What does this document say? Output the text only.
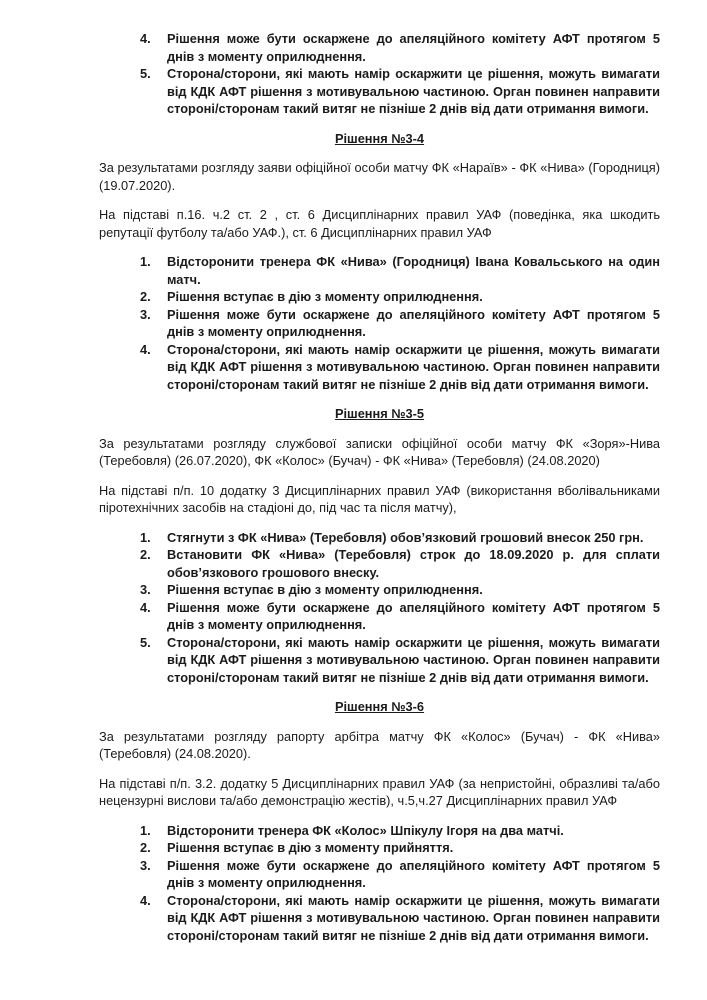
4.	Рішення може бути оскаржене до апеляційного комітету АФТ протягом 5 днів з моменту оприлюднення.
5.	Сторона/сторони, які мають намір оскаржити це рішення, можуть вимагати від КДК АФТ рішення з мотивувальною частиною. Орган повинен направити стороні/сторонам такий витяг не пізніше 2 днів від дати отримання вимоги.
Рішення №3-4

За результатами розгляду заяви офіційної особи матчу ФК «Нараїв» - ФК «Нива» (Городниця) (19.07.2020).

На підставі п.16. ч.2 ст. 2 , ст. 6 Дисциплінарних правил УАФ (поведінка, яка шкодить репутації футболу та/або УАФ.), ст. 6 Дисциплінарних правил УАФ

1.	Відсторонити тренера ФК «Нива» (Городниця) Івана Ковальського на один матч.
2.	Рішення вступає в дію з моменту оприлюднення.
3.	Рішення може бути оскаржене до апеляційного комітету АФТ протягом 5 днів з моменту оприлюднення.
4.	Сторона/сторони, які мають намір оскаржити це рішення, можуть вимагати від КДК АФТ рішення з мотивувальною частиною. Орган повинен направити стороні/сторонам такий витяг не пізніше 2 днів від дати отримання вимоги.
Рішення №3-5

За результатами розгляду службової записки офіційної особи матчу ФК «Зоря»-Нива (Теребовля) (26.07.2020), ФК «Колос» (Бучач) - ФК «Нива» (Теребовля) (24.08.2020)

На підставі п/п. 10 додатку 3 Дисциплінарних правил УАФ (використання вболівальниками піротехнічних засобів на стадіоні до, під час та після матчу),

1.	Стягнути з ФК «Нива» (Теребовля) обов’язковий грошовий внесок 250 грн.
2.	Встановити ФК «Нива» (Теребовля) строк до 18.09.2020 р. для сплати обов’язкового грошового внеску.
3.	Рішення вступає в дію з моменту оприлюднення.
4.	Рішення може бути оскаржене до апеляційного комітету АФТ протягом 5 днів з моменту оприлюднення.
5.	Сторона/сторони, які мають намір оскаржити це рішення, можуть вимагати від КДК АФТ рішення з мотивувальною частиною. Орган повинен направити стороні/сторонам такий витяг не пізніше 2 днів від дати отримання вимоги.
Рішення №3-6

За результатами розгляду рапорту арбітра матчу ФК «Колос» (Бучач) - ФК «Нива» (Теребовля) (24.08.2020).

На підставі п/п. 3.2. додатку 5 Дисциплінарних правил УАФ (за непристойні, образливі та/або нецензурні вислови та/або демонстрацію жестів), ч.5,ч.27 Дисциплінарних правил УАФ

1.	Відсторонити тренера ФК «Колос» Шпікулу Ігоря на два матчі.
2.	Рішення вступає в дію з моменту прийняття.
3.	Рішення може бути оскаржене до апеляційного комітету АФТ протягом 5 днів з моменту оприлюднення.
4.	Сторона/сторони, які мають намір оскаржити це рішення, можуть вимагати від КДК АФТ рішення з мотивувальною частиною. Орган повинен направити стороні/сторонам такий витяг не пізніше 2 днів від дати отримання вимоги.
